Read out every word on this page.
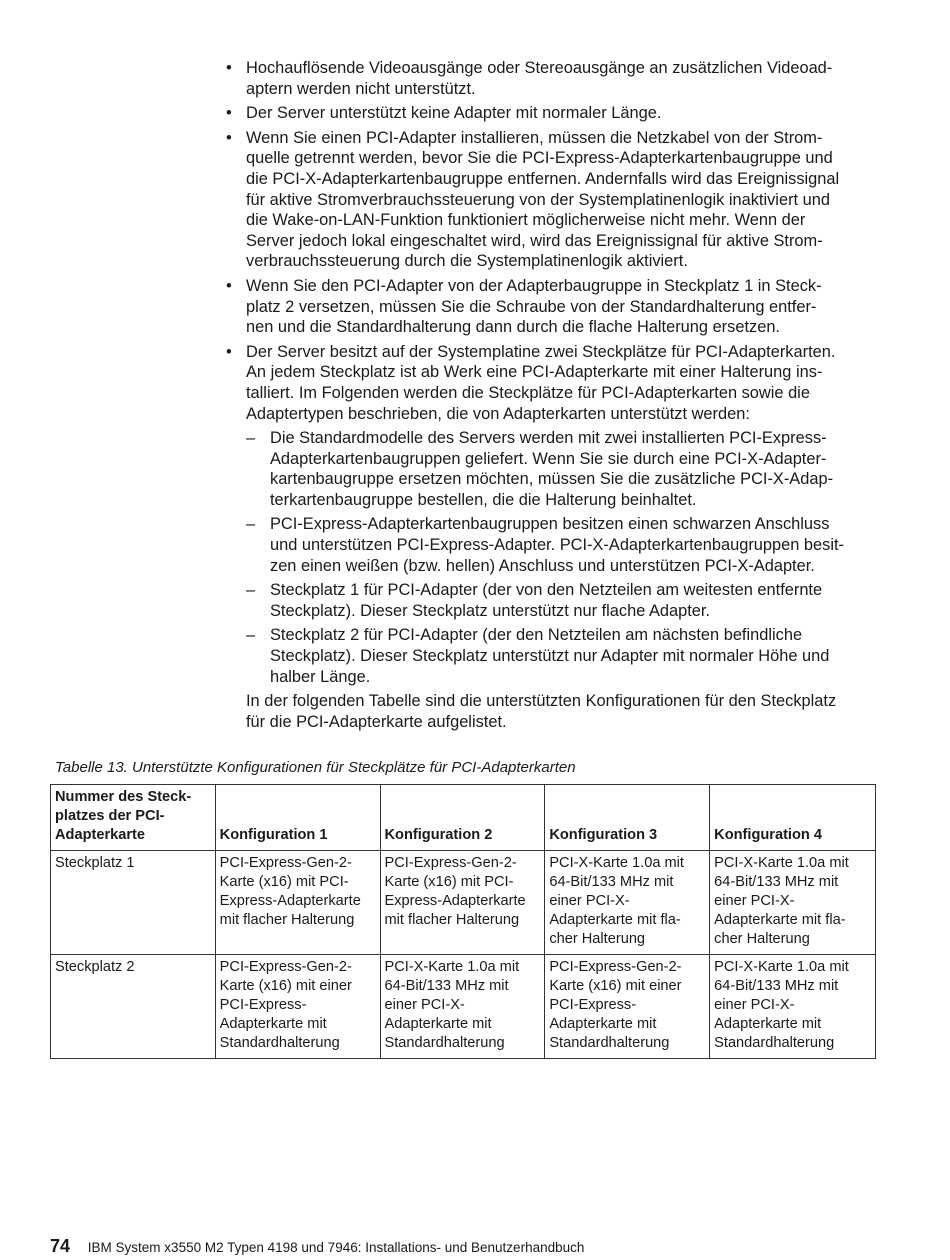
• Hochauflösende Videoausgänge oder Stereoausgänge an zusätzlichen Videoad-
aptern werden nicht unterstützt.
• Der Server unterstützt keine Adapter mit normaler Länge.
• Wenn Sie einen PCI-Adapter installieren, müssen die Netzkabel von der Strom-
quelle getrennt werden, bevor Sie die PCI-Express-Adapterkartenbaugruppe und
die PCI-X-Adapterkartenbaugruppe entfernen. Andernfalls wird das Ereignissignal
für aktive Stromverbrauchssteuerung von der Systemplatinenlogik inaktiviert und
die Wake-on-LAN-Funktion funktioniert möglicherweise nicht mehr. Wenn der
Server jedoch lokal eingeschaltet wird, wird das Ereignissignal für aktive Strom-
verbrauchssteuerung durch die Systemplatinenlogik aktiviert.
• Wenn Sie den PCI-Adapter von der Adapterbaugruppe in Steckplatz 1 in Steck-
platz 2 versetzen, müssen Sie die Schraube von der Standardhalterung entfer-
nen und die Standardhalterung dann durch die flache Halterung ersetzen.
• Der Server besitzt auf der Systemplatine zwei Steckplätze für PCI-Adapterkarten.
An jedem Steckplatz ist ab Werk eine PCI-Adapterkarte mit einer Halterung ins-
talliert. Im Folgenden werden die Steckplätze für PCI-Adapterkarten sowie die
Adaptertypen beschrieben, die von Adapterkarten unterstützt werden:
– Die Standardmodelle des Servers werden mit zwei installierten PCI-Express-
Adapterkartenbaugruppen geliefert. Wenn Sie sie durch eine PCI-X-Adapter-
kartenbaugruppe ersetzen möchten, müssen Sie die zusätzliche PCI-X-Adap-
terkartenbaugruppe bestellen, die die Halterung beinhaltet.
– PCI-Express-Adapterkartenbaugruppen besitzen einen schwarzen Anschluss
und unterstützen PCI-Express-Adapter. PCI-X-Adapterkartenbaugruppen besit-
zen einen weißen (bzw. hellen) Anschluss und unterstützen PCI-X-Adapter.
– Steckplatz 1 für PCI-Adapter (der von den Netzteilen am weitesten entfernte
Steckplatz). Dieser Steckplatz unterstützt nur flache Adapter.
– Steckplatz 2 für PCI-Adapter (der den Netzteilen am nächsten befindliche
Steckplatz). Dieser Steckplatz unterstützt nur Adapter mit normaler Höhe und
halber Länge.

In der folgenden Tabelle sind die unterstützten Konfigurationen für den Steckplatz
für die PCI-Adapterkarte aufgelistet.

Tabelle 13. Unterstützte Konfigurationen für Steckplätze für PCI-Adapterkarten
Nummer des Steck-
platzes der PCI-
Adapterkarte	Konfiguration 1	Konfiguration 2	Konfiguration 3	Konfiguration 4

Steckplatz 1	PCI-Express-Gen-2-
Karte (x16) mit PCI-
Express-Adapterkarte
mit flacher Halterung	PCI-Express-Gen-2-
Karte (x16) mit PCI-
Express-Adapterkarte
mit flacher Halterung	PCI-X-Karte 1.0a mit
64-Bit/133 MHz mit
einer PCI-X-
Adapterkarte mit fla-
cher Halterung	PCI-X-Karte 1.0a mit
64-Bit/133 MHz mit
einer PCI-X-
Adapterkarte mit fla-
cher Halterung

Steckplatz 2	PCI-Express-Gen-2-
Karte (x16) mit einer
PCI-Express-
Adapterkarte mit
Standardhalterung	PCI-X-Karte 1.0a mit
64-Bit/133 MHz mit
einer PCI-X-
Adapterkarte mit
Standardhalterung	PCI-Express-Gen-2-
Karte (x16) mit einer
PCI-Express-
Adapterkarte mit
Standardhalterung	PCI-X-Karte 1.0a mit
64-Bit/133 MHz mit
einer PCI-X-
Adapterkarte mit
Standardhalterung
74 IBM System x3550 M2 Typen 4198 und 7946: Installations- und Benutzerhandbuch
